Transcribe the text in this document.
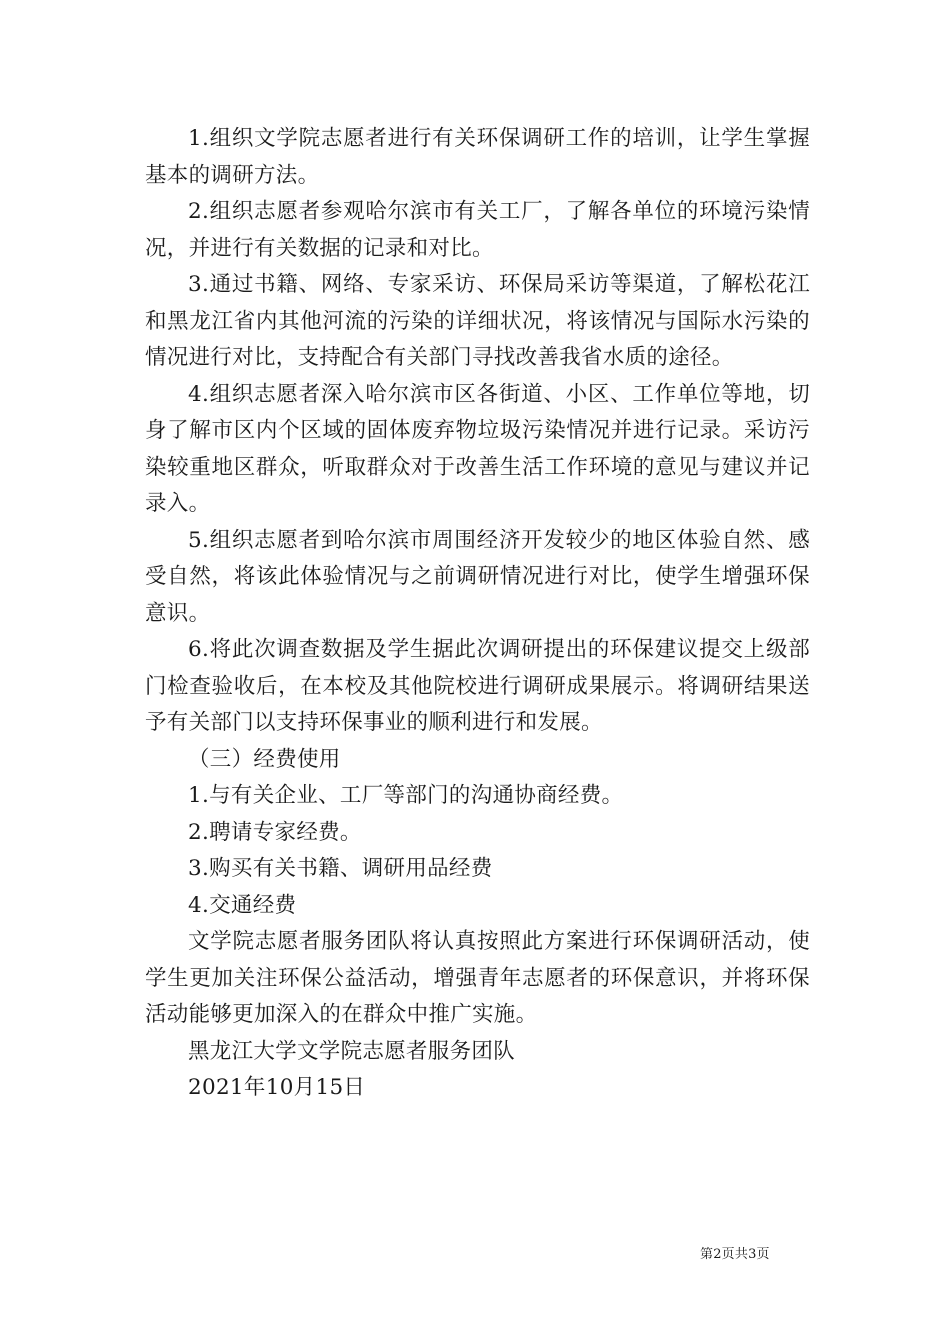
1.组织文学院志愿者进行有关环保调研工作的培训，让学生掌握基本的调研方法。

2.组织志愿者参观哈尔滨市有关工厂，了解各单位的环境污染情况，并进行有关数据的记录和对比。

3.通过书籍、网络、专家采访、环保局采访等渠道，了解松花江和黑龙江省内其他河流的污染的详细状况，将该情况与国际水污染的情况进行对比，支持配合有关部门寻找改善我省水质的途径。

4.组织志愿者深入哈尔滨市区各街道、小区、工作单位等地，切身了解市区内个区域的固体废弃物垃圾污染情况并进行记录。采访污染较重地区群众，听取群众对于改善生活工作环境的意见与建议并记录入。

5.组织志愿者到哈尔滨市周围经济开发较少的地区体验自然、感受自然，将该此体验情况与之前调研情况进行对比，使学生增强环保意识。

6.将此次调查数据及学生据此次调研提出的环保建议提交上级部门检查验收后，在本校及其他院校进行调研成果展示。将调研结果送予有关部门以支持环保事业的顺利进行和发展。

（三）经费使用

1.与有关企业、工厂等部门的沟通协商经费。

2.聘请专家经费。

3.购买有关书籍、调研用品经费

4.交通经费

文学院志愿者服务团队将认真按照此方案进行环保调研活动，使学生更加关注环保公益活动，增强青年志愿者的环保意识，并将环保活动能够更加深入的在群众中推广实施。

黑龙江大学文学院志愿者服务团队

2021年10月15日

第2页共3页
